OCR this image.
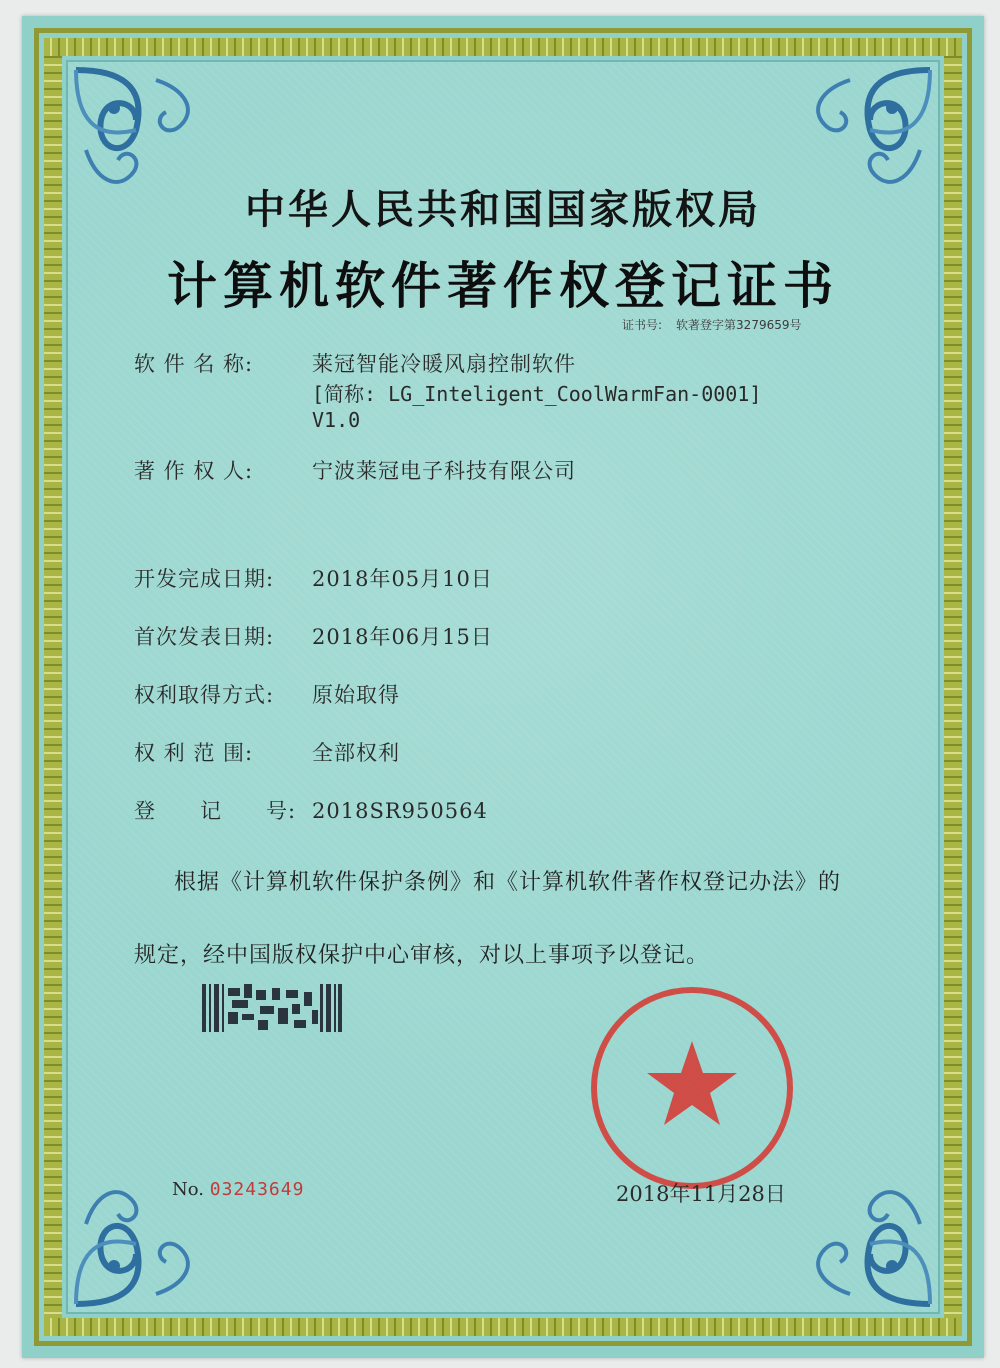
中华人民共和国国家版权局
计算机软件著作权登记证书
证书号: 软著登字第3279659号
软 件 名 称:	莱冠智能冷暖风扇控制软件
[简称: LG_Inteligent_CoolWarmFan-0001]
V1.0
著 作 权 人:	宁波莱冠电子科技有限公司
开发完成日期: 2018年05月10日
首次发表日期: 2018年06月15日
权利取得方式: 原始取得
权 利 范 围:	全部权利
登　　记　　号: 2018SR950564
根据《计算机软件保护条例》和《计算机软件著作权登记办法》的
规定，经中国版权保护中心审核，对以上事项予以登记。
No. 03243649	2018年11月28日
